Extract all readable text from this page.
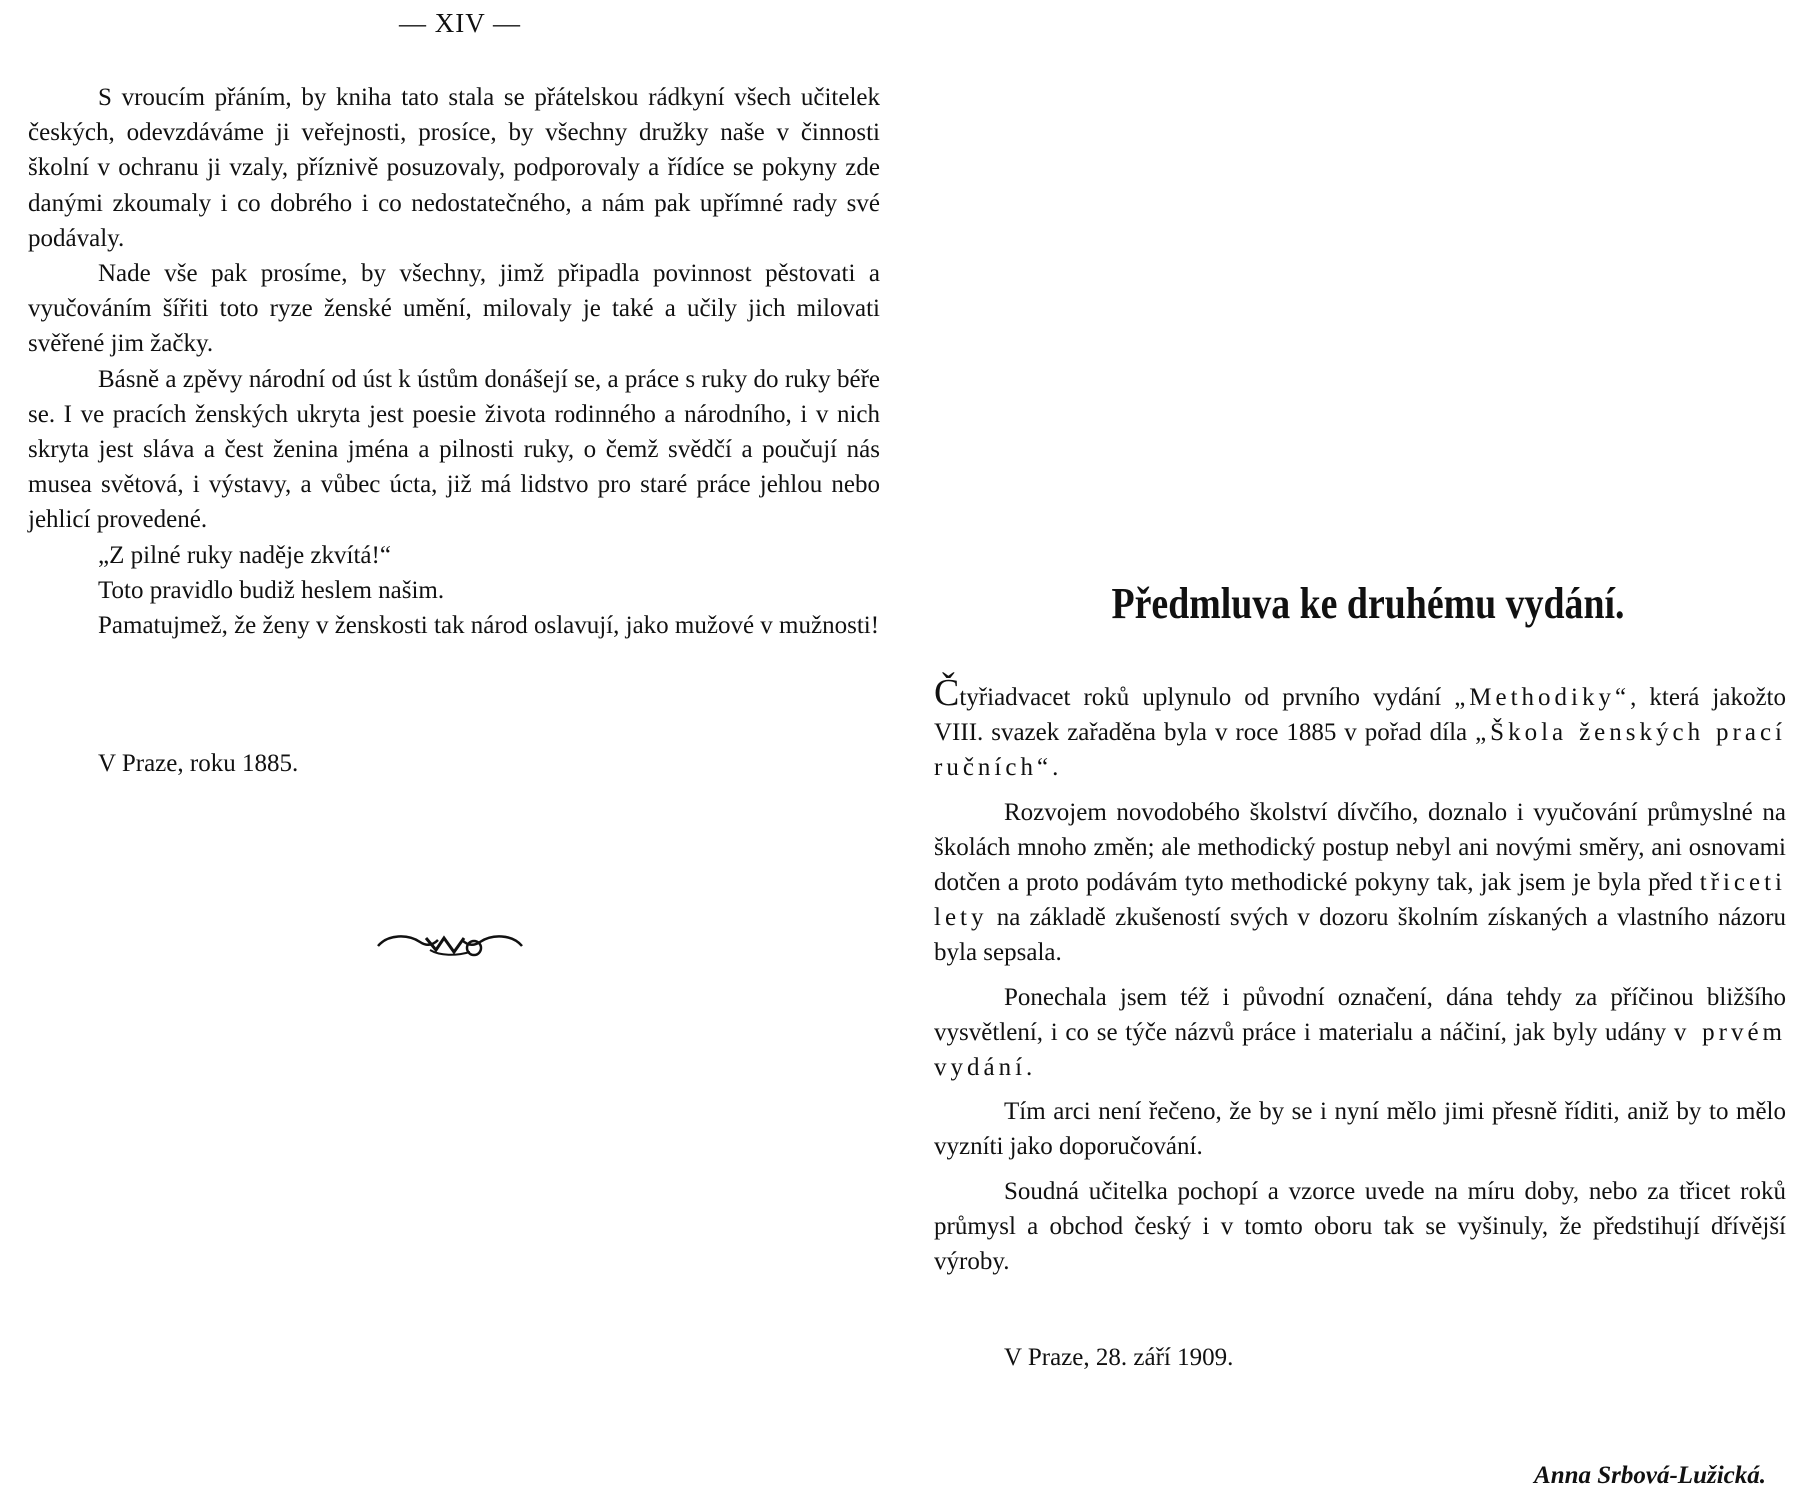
— XIV —

S vroucím přáním, by kniha tato stala se přátelskou rádkyní všech učitelek českých, odevzdáváme ji veřejnosti, prosíce, by všechny družky naše v činnosti školní v ochranu ji vzaly, příznivě posuzovaly, podporovaly a řídíce se pokyny zde danými zkoumaly i co dobrého i co nedostatečného, a nám pak upřímné rady své podávaly.

Nade vše pak prosíme, by všechny, jimž připadla povinnost pěstovati a vyučováním šířiti toto ryze ženské umění, milovaly je také a učily jich milovati svěřené jim žačky.

Básně a zpěvy národní od úst k ústům donášejí se, a práce s ruky do ruky béře se. I ve pracích ženských ukryta jest poesie života rodinného a národního, i v nich skryta jest sláva a čest ženina jména a pilnosti ruky, o čemž svědčí a poučují nás musea světová, i výstavy, a vůbec úcta, již má lidstvo pro staré práce jehlou nebo jehlicí provedené.

„Z pilné ruky naděje zkvítá!“

Toto pravidlo budiž heslem našim.

Pamatujmež, že ženy v ženskosti tak národ oslavují, jako mužové v mužnosti!

V Praze, roku 1885.
Předmluva ke druhému vydání.

Čtyřiadvacet roků uplynulo od prvního vydání „Methodiky“, která jakožto VIII. svazek zařaděna byla v roce 1885 v pořad díla „Škola ženských prací ručních“.

Rozvojem novodobého školství dívčího, doznalo i vyučování průmyslné na školách mnoho změn; ale methodický postup nebyl ani novými směry, ani osnovami dotčen a proto podávám tyto methodické pokyny tak, jak jsem je byla před třiceti lety na základě zkušeností svých v dozoru školním získaných a vlastního názoru byla sepsala.

Ponechala jsem též i původní označení, dána tehdy za příčinou bližšího vysvětlení, i co se týče názvů práce i materialu a náčiní, jak byly udány v prvém vydání.

Tím arci není řečeno, že by se i nyní mělo jimi přesně říditi, aniž by to mělo vyzníti jako doporučování.

Soudná učitelka pochopí a vzorce uvede na míru doby, nebo za třicet roků průmysl a obchod český i v tomto oboru tak se vyšinuly, že předstihují dřívější výroby.

V Praze, 28. září 1909.
Anna Srbová-Lužická.
